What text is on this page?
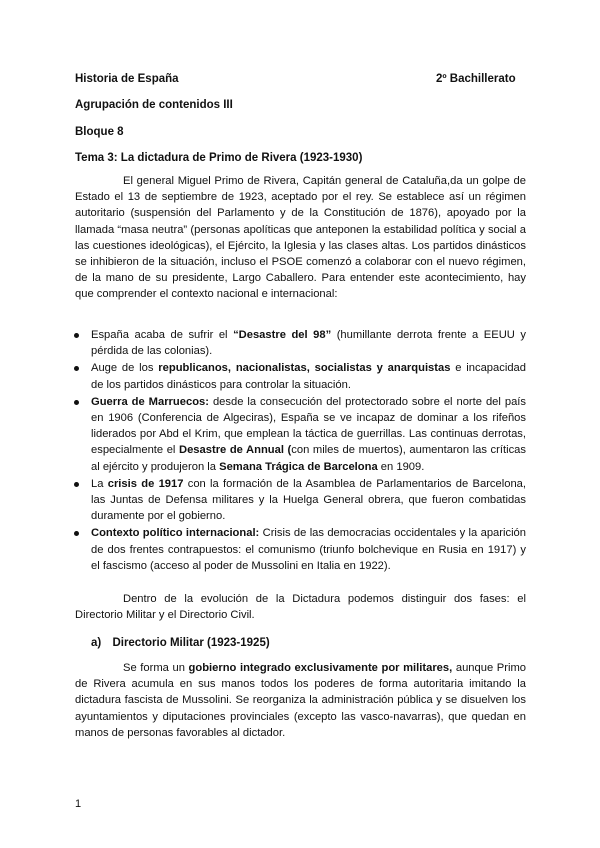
Historia de España	2º Bachillerato
Agrupación de contenidos III
Bloque 8
Tema 3: La dictadura de Primo de Rivera (1923-1930)

El general Miguel Primo de Rivera, Capitán general de Cataluña,da un golpe de Estado el 13 de septiembre de 1923, aceptado por el rey. Se establece así un régimen autoritario (suspensión del Parlamento y de la Constitución de 1876), apoyado por la llamada “masa neutra” (personas apolíticas que anteponen la estabilidad política y social a las cuestiones ideológicas), el Ejército, la Iglesia y las clases altas. Los partidos dinásticos se inhibieron de la situación, incluso el PSOE comenzó a colaborar con el nuevo régimen, de la mano de su presidente, Largo Caballero. Para entender este acontecimiento, hay que comprender el contexto nacional e internacional:

España acaba de sufrir el “Desastre del 98” (humillante derrota frente a EEUU y pérdida de las colonias).
Auge de los republicanos, nacionalistas, socialistas y anarquistas e incapacidad de los partidos dinásticos para controlar la situación.
Guerra de Marruecos: desde la consecución del protectorado sobre el norte del país en 1906 (Conferencia de Algeciras), España se ve incapaz de dominar a los rifeños liderados por Abd el Krim, que emplean la táctica de guerrillas. Las continuas derrotas, especialmente el Desastre de Annual (con miles de muertos), aumentaron las críticas al ejército y produjeron la Semana Trágica de Barcelona en 1909.
La crisis de 1917 con la formación de la Asamblea de Parlamentarios de Barcelona, las Juntas de Defensa militares y la Huelga General obrera, que fueron combatidas duramente por el gobierno.
Contexto político internacional: Crisis de las democracias occidentales y la aparición de dos frentes contrapuestos: el comunismo (triunfo bolchevique en Rusia en 1917) y el fascismo (acceso al poder de Mussolini en Italia en 1922).

Dentro de la evolución de la Dictadura podemos distinguir dos fases: el Directorio Militar y el Directorio Civil.

a) Directorio Militar (1923-1925)

Se forma un gobierno integrado exclusivamente por militares, aunque Primo de Rivera acumula en sus manos todos los poderes de forma autoritaria imitando la dictadura fascista de Mussolini. Se reorganiza la administración pública y se disuelven los ayuntamientos y diputaciones provinciales (excepto las vasco-navarras), que quedan en manos de personas favorables al dictador.

1
